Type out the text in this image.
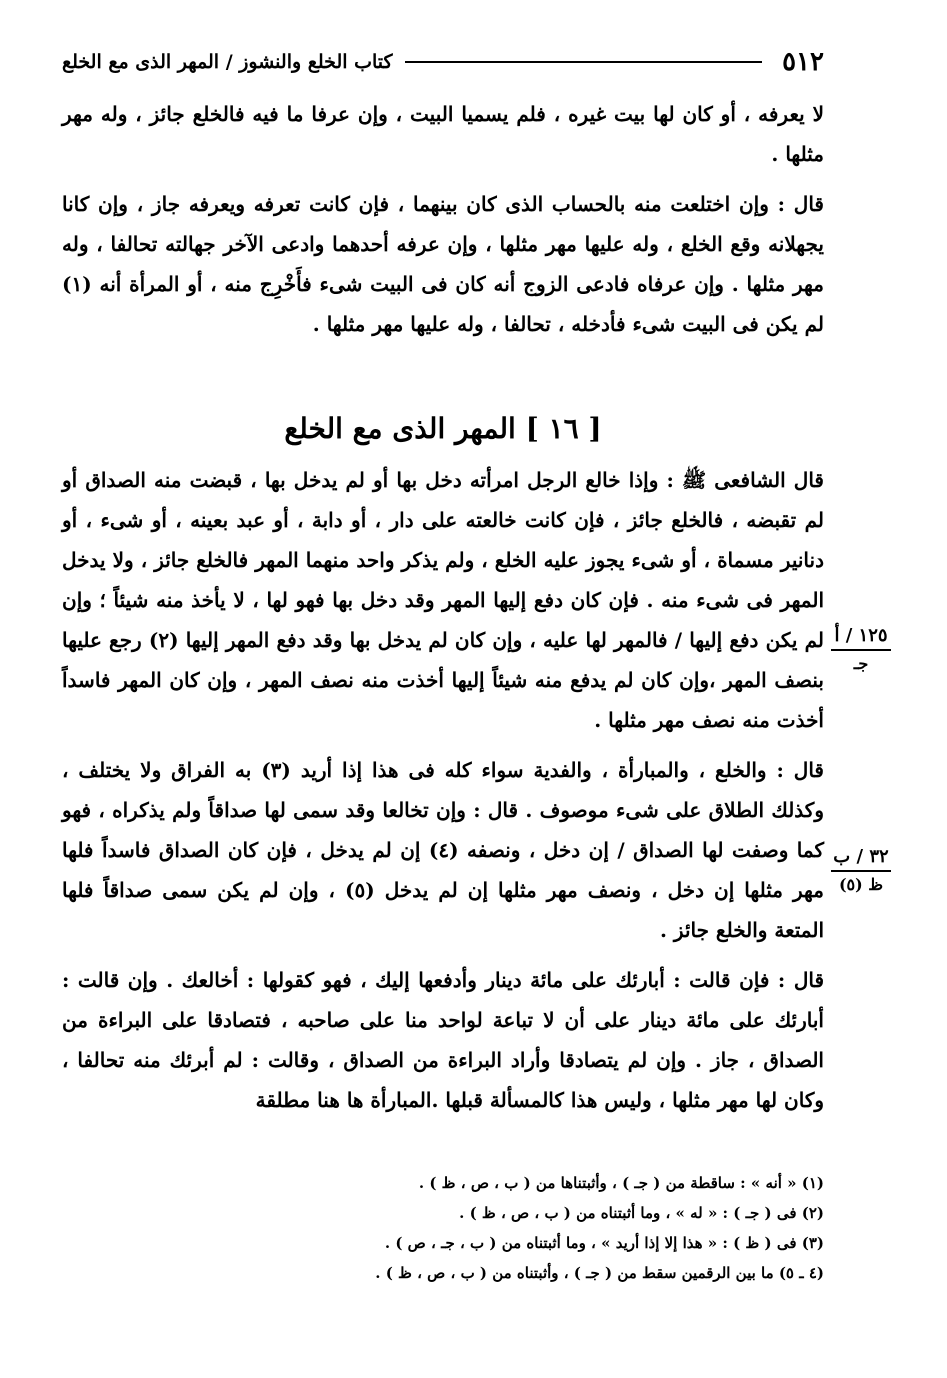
٥١٢
كتاب الخلع والنشوز / المهر الذى مع الخلع

لا يعرفه ، أو كان لها بيت غيره ، فلم يسميا البيت ، وإن عرفا ما فيه فالخلع جائز ، وله مهر مثلها .

قال : وإن اختلعت منه بالحساب الذى كان بينهما ، فإن كانت تعرفه ويعرفه جاز ، وإن كانا يجهلانه وقع الخلع ، وله عليها مهر مثلها ، وإن عرفه أحدهما وادعى الآخر جهالته تحالفا ، وله مهر مثلها . وإن عرفاه فادعى الزوج أنه كان فى البيت شىء فأَخْرِج منه ، أو المرأة أنه (١) لم يكن فى البيت شىء فأدخله ، تحالفا ، وله عليها مهر مثلها .

[ ١٦ ] المهر الذى مع الخلع

قال الشافعى ﷺ : وإذا خالع الرجل امرأته دخل بها أو لم يدخل بها ، قبضت منه الصداق أو لم تقبضه ، فالخلع جائز ، فإن كانت خالعته على دار ، أو دابة ، أو عبد بعينه ، أو شىء ، أو دنانير مسماة ، أو شىء يجوز عليه الخلع ، ولم يذكر واحد منهما المهر فالخلع جائز ، ولا يدخل المهر فى شىء منه . فإن كان دفع إليها المهر وقد دخل بها فهو لها ، لا يأخذ منه شيئاً ؛ وإن لم يكن دفع إليها / فالمهر لها عليه ، وإن كان لم يدخل بها وقد دفع المهر إليها (٢) رجع عليها بنصف المهر ،وإن كان لم يدفع منه شيئاً إليها أخذت منه نصف المهر ، وإن كان المهر فاسداً أخذت منه نصف مهر مثلها .

قال : والخلع ، والمبارأة ، والفدية سواء كله فى هذا إذا أريد (٣) به الفراق ولا يختلف ، وكذلك الطلاق على شىء موصوف . قال : وإن تخالعا وقد سمى لها صداقاً ولم يذكراه ، فهو كما وصفت لها الصداق / إن دخل ، ونصفه (٤) إن لم يدخل ، فإن كان الصداق فاسداً فلها مهر مثلها إن دخل ، ونصف مهر مثلها إن لم يدخل (٥) ، وإن لم يكن سمى صداقاً فلها المتعة والخلع جائز .

قال : فإن قالت : أبارئك على مائة دينار وأدفعها إليك ، فهو كقولها : أخالعك . وإن قالت : أبارئك على مائة دينار على أن لا تباعة لواحد منا على صاحبه ، فتصادقا على البراءة من الصداق ، جاز . وإن لم يتصادقا وأراد البراءة من الصداق ، وقالت : لم أبرئك منه تحالفا ، وكان لها مهر مثلها ، وليس هذا كالمسألة قبلها .المبارأة ها هنا مطلقة

١٢٥ / أ
جـ
٣٢ / ب
ظ (٥)

(١) « أنه » : ساقطة من ( جـ ) ، وأثبتناها من ( ب ، ص ، ظ ) .

(٢) فى ( جـ ) : « له » ، وما أثبتناه من ( ب ، ص ، ظ ) .

(٣) فى ( ظ ) : « هذا إلا إذا أريد » ، وما أثبتناه من ( ب ، جـ ، ص ) .

(٤ ـ ٥) ما بين الرقمين سقط من ( جـ ) ، وأثبتناه من ( ب ، ص ، ظ ) .
